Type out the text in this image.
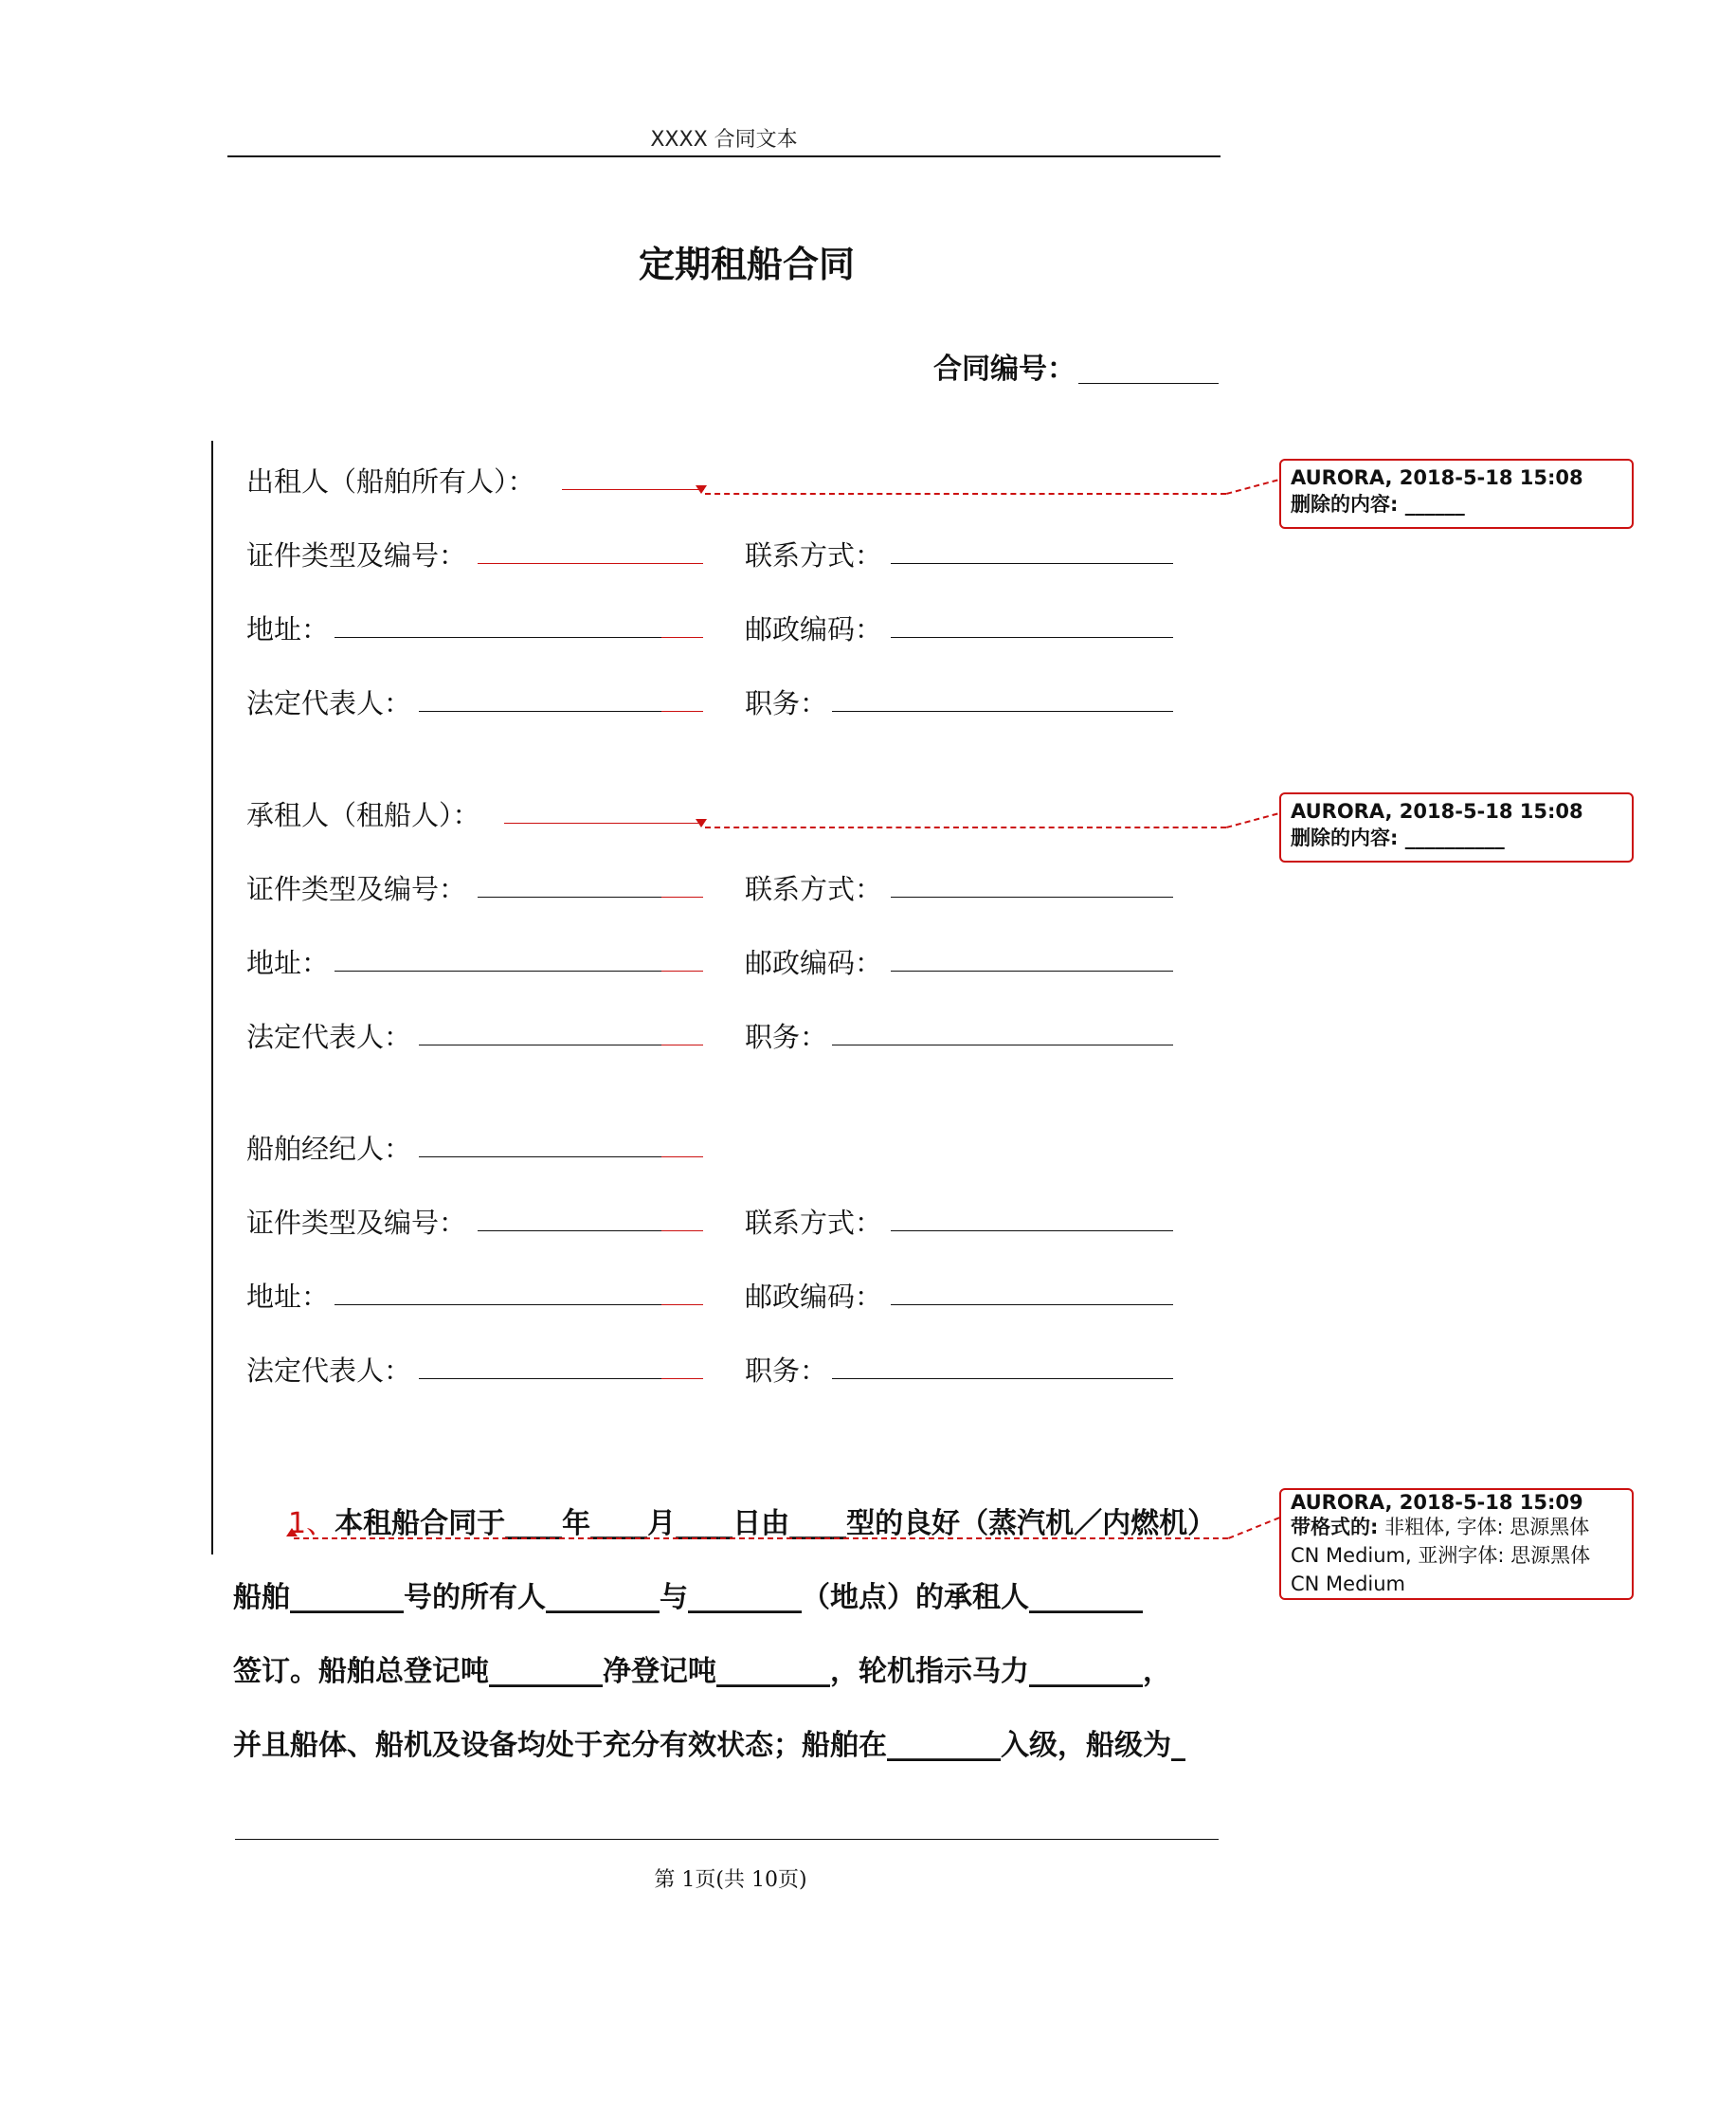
XXXX 合同文本
定期租船合同
合同编号：
出租人（船舶所有人）：
证件类型及编号：	联系方式：
地址：	邮政编码：
法定代表人：	职务：
承租人（租船人）：
证件类型及编号：	联系方式：
地址：	邮政编码：
法定代表人：	职务：
船舶经纪人：
证件类型及编号：	联系方式：
地址：	邮政编码：
法定代表人：	职务：
1、本租船合同于____年____月____日由____型的良好（蒸汽机／内燃机）
船舶________号的所有人________与________（地点）的承租人________
签订。船舶总登记吨________净登记吨________，轮机指示马力________，
并且船体、船机及设备均处于充分有效状态；船舶在________入级，船级为_
AURORA, 2018-5-18 15:08
删除的内容: ______
AURORA, 2018-5-18 15:08
删除的内容: __________
AURORA, 2018-5-18 15:09
带格式的: 非粗体, 字体: 思源黑体
CN Medium, 亚洲字体: 思源黑体
CN Medium
第 1页(共 10页)
